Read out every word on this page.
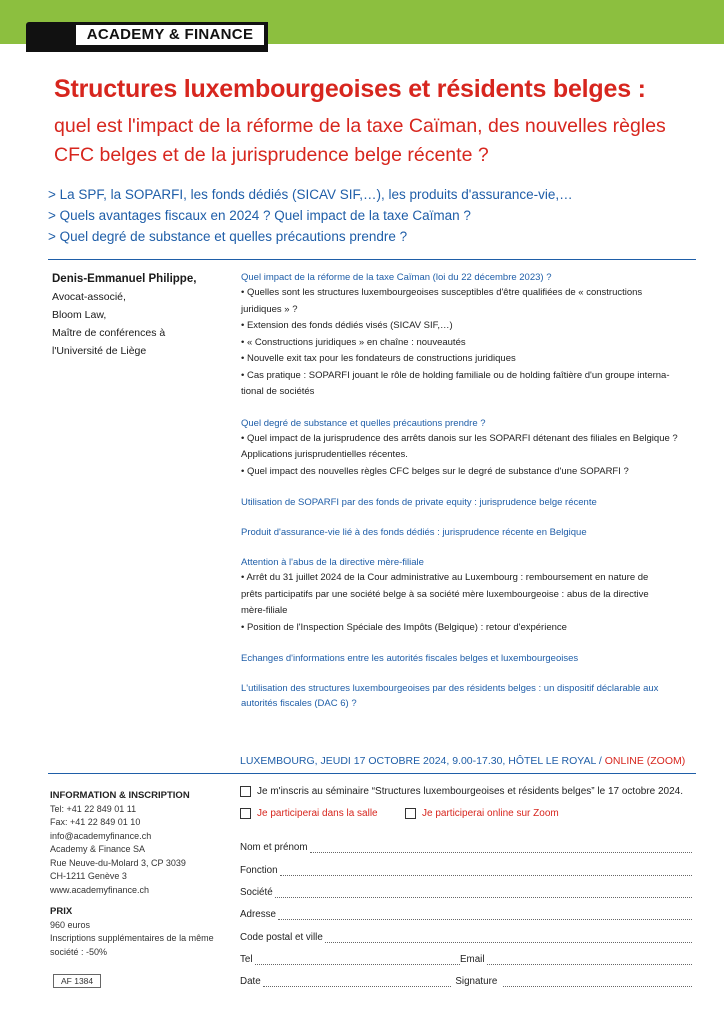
ACADEMY & FINANCE
Structures luxembourgeoises et résidents belges :
quel est l'impact de la réforme de la taxe Caïman, des nouvelles règles
CFC belges et de la jurisprudence belge récente ?
> La SPF, la SOPARFI, les fonds dédiés (SICAV SIF,…), les produits d'assurance-vie,…
> Quels avantages fiscaux en 2024 ? Quel impact de la taxe Caïman ?
> Quel degré de substance et quelles précautions prendre ?
Denis-Emmanuel Philippe,
Avocat-associé,
Bloom Law,
Maître de conférences à
l'Université de Liège
Quel impact de la réforme de la taxe Caïman (loi du 22 décembre 2023) ?
• Quelles sont les structures luxembourgeoises susceptibles d'être qualifiées de « constructions
juridiques » ?
• Extension des fonds dédiés visés (SICAV SIF,…)
• « Constructions juridiques » en chaîne : nouveautés
• Nouvelle exit tax pour les fondateurs de constructions juridiques
• Cas pratique : SOPARFI jouant le rôle de holding familiale ou de holding faîtière d'un groupe interna-
tional de sociétés
Quel degré de substance et quelles précautions prendre ?
• Quel impact de la jurisprudence des arrêts danois sur les SOPARFI détenant des filiales en Belgique ?
Applications jurisprudentielles récentes.
• Quel impact des nouvelles règles CFC belges sur le degré de substance d'une SOPARFI ?
Utilisation de SOPARFI par des fonds de private equity : jurisprudence belge récente
Produit d'assurance-vie lié à des fonds dédiés : jurisprudence récente en Belgique
Attention à l'abus de la directive mère-filiale
• Arrêt du 31 juillet 2024 de la Cour administrative au Luxembourg : remboursement en nature de
prêts participatifs par une société belge à sa société mère luxembourgeoise : abus de la directive
mère-filiale
• Position de l'Inspection Spéciale des Impôts (Belgique) : retour d'expérience
Echanges d'informations entre les autorités fiscales belges et luxembourgeoises
L'utilisation des structures luxembourgeoises par des résidents belges : un dispositif déclarable aux
autorités fiscales (DAC 6) ?
LUXEMBOURG, JEUDI 17 OCTOBRE 2024, 9.00-17.30, HÔTEL LE ROYAL / ONLINE (ZOOM)
INFORMATION & INSCRIPTION
Tel: +41 22 849 01 11
Fax: +41 22 849 01 10
info@academyfinance.ch
Academy & Finance SA
Rue Neuve-du-Molard 3, CP 3039
CH-1211 Genève 3
www.academyfinance.ch
PRIX
960 euros
Inscriptions supplémentaires de la même
société : -50%
AF 1384
Je m'inscris au séminaire “Structures luxembourgeoises et résidents belges” le 17 octobre 2024.
Je participerai dans la salle	Je participerai online sur Zoom
Nom et prénom
Fonction
Société
Adresse
Code postal et ville
Tel	Email
Date	Signature
